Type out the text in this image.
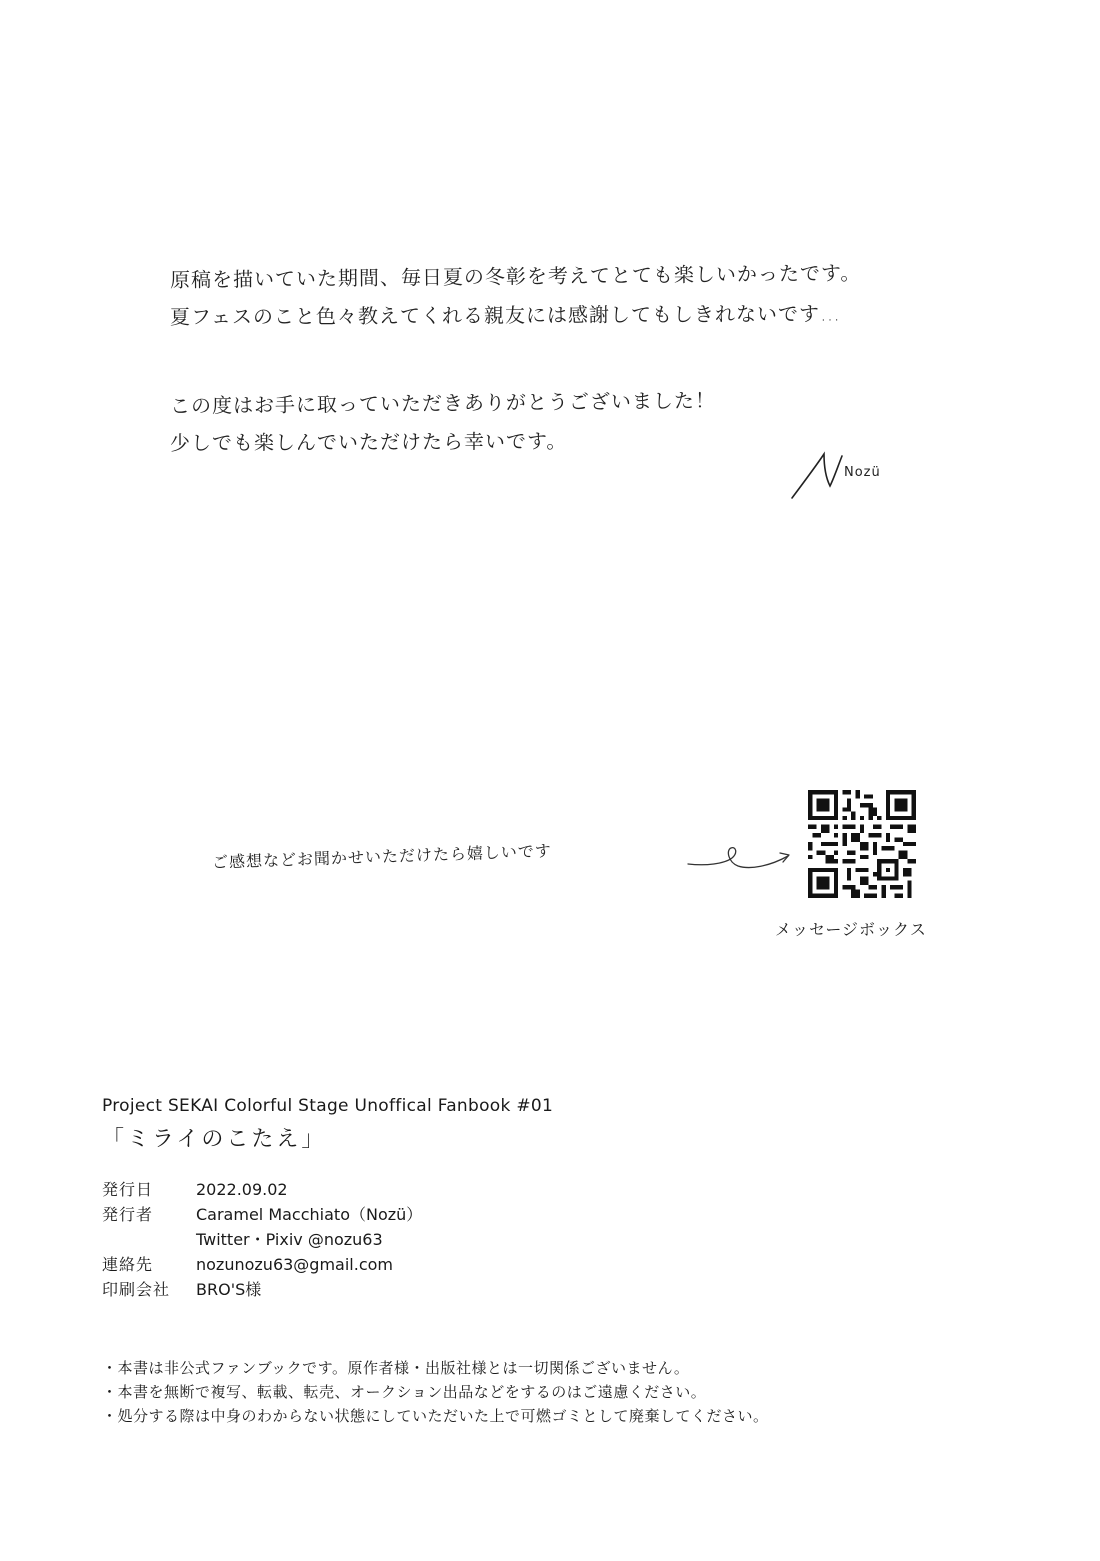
原稿を描いていた期間、毎日夏の冬彰を考えてとても楽しいかったです。
夏フェスのこと色々教えてくれる親友には感謝してもしきれないです…
この度はお手に取っていただきありがとうございました！
少しでも楽しんでいただけたら幸いです。
Nozü
ご感想などお聞かせいただけたら嬉しいです
メッセージボックス
Project SEKAI Colorful Stage Unoffical Fanbook #01
「ミライのこたえ」
発行日	2022.09.02
発行者	Caramel Macchiato（Nozü）
Twitter・Pixiv @nozu63
連絡先	nozunozu63@gmail.com
印刷会社	BRO'S様
・本書は非公式ファンブックです。原作者様・出版社様とは一切関係ございません。
・本書を無断で複写、転載、転売、オークション出品などをするのはご遠慮ください。
・処分する際は中身のわからない状態にしていただいた上で可燃ゴミとして廃棄してください。
